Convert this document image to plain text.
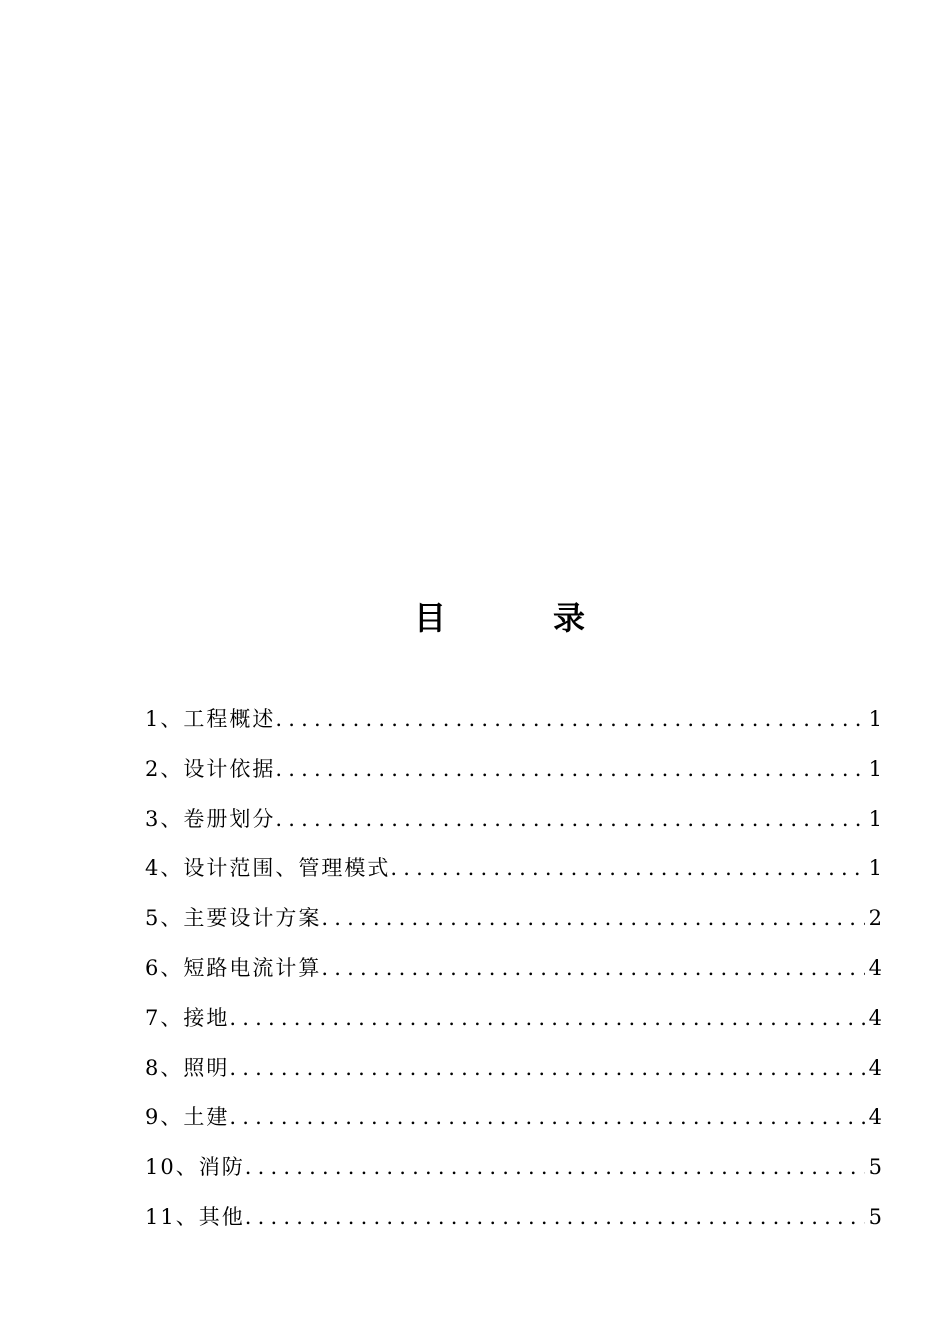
目	录
1、工程概述 .....	1
2、设计依据 .....	1
3、卷册划分 .....	1
4、设计范围、管理模式 .....	1
5、主要设计方案 .....	2
6、短路电流计算 .....	4
7、接地 .....	4
8、照明 .....	4
9、土建 .....	4
10、消防 .....	5
11、其他 .....	5
